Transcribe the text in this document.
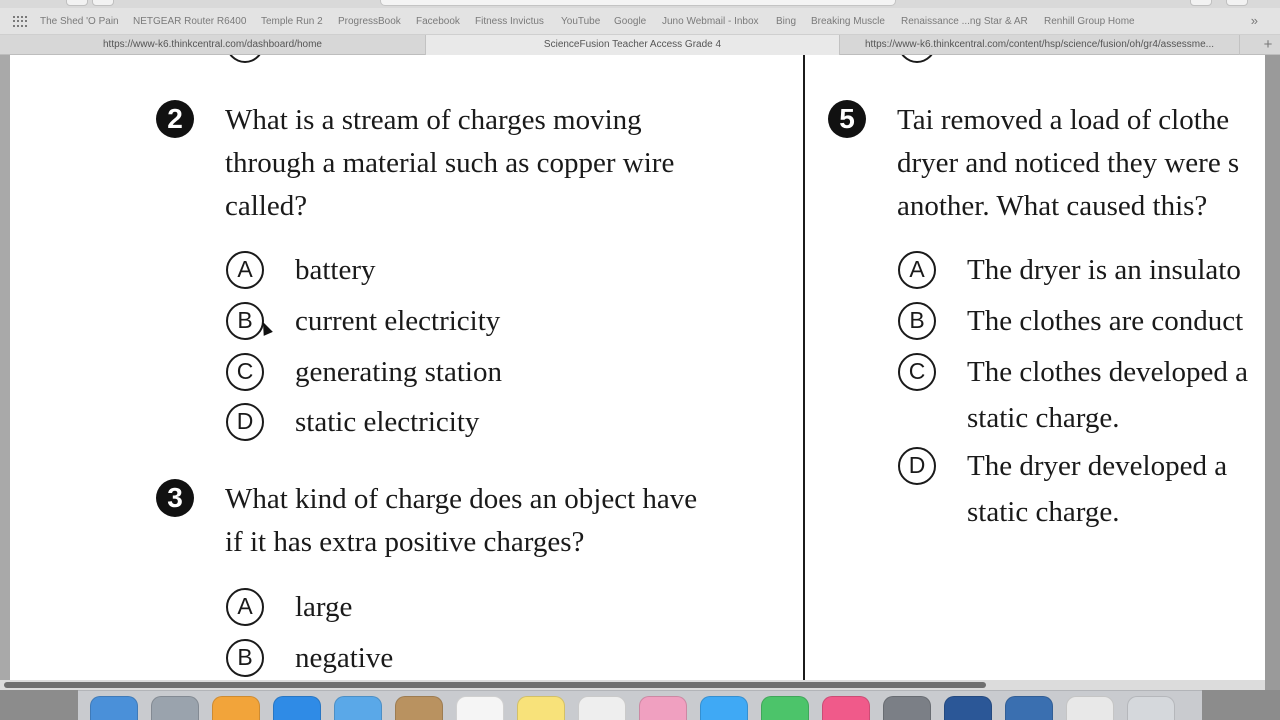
The Shed 'O Pain NETGEAR Router R6400 Temple Run 2 ProgressBook Facebook Fitness Invictus YouTube Google Juno Webmail - Inbox Bing Breaking Muscle Renaissance ...ng Star & AR Renhill Group Home	»
https://www-k6.thinkcentral.com/dashboard/home	ScienceFusion Teacher Access Grade 4	https://www-k6.thinkcentral.com/content/hsp/science/fusion/oh/gr4/assessme...	+
2	What is a stream of charges moving
through a material such as copper wire
called?
A	battery
B	current electricity
C	generating station
D	static electricity
3	What kind of charge does an object have
if it has extra positive charges?
A	large
B	negative
5	Tai removed a load of clothe
dryer and noticed they were s
another. What caused this?
A	The dryer is an insulato
B	The clothes are conduct
C	The clothes developed a
static charge.
D	The dryer developed a
static charge.
